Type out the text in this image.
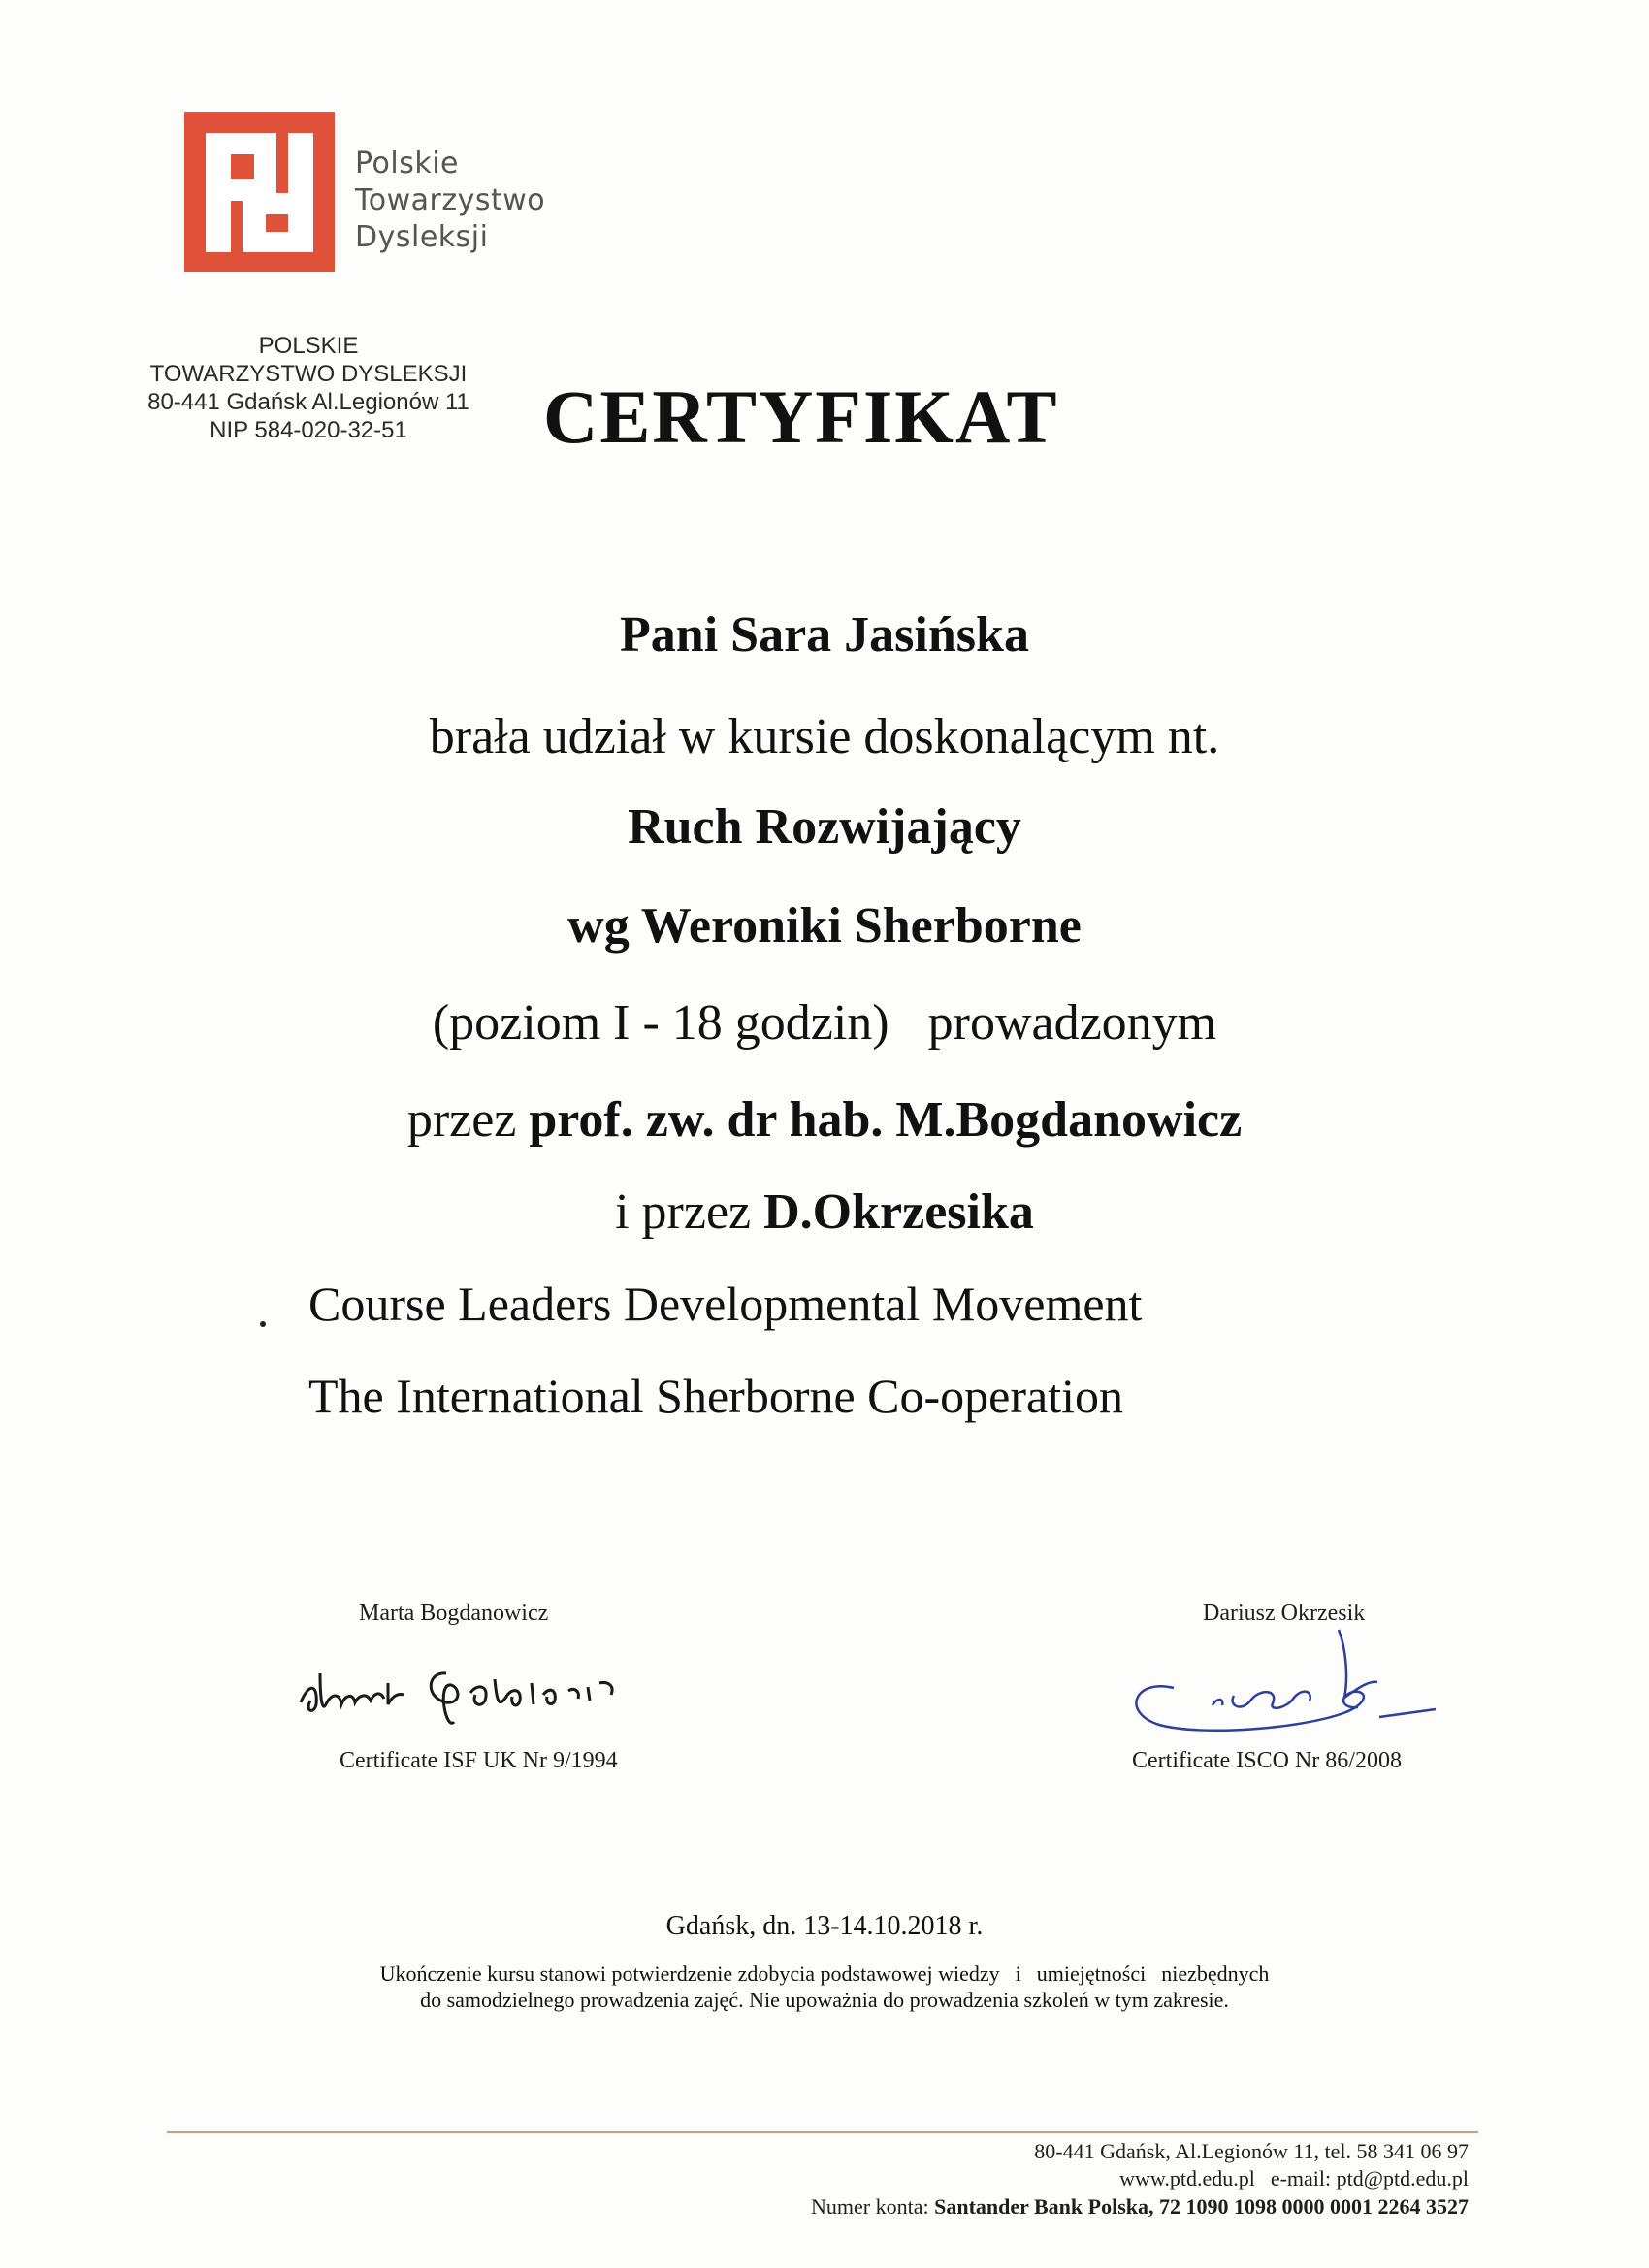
Polskie
Towarzystwo
Dysleksji
POLSKIE
TOWARZYSTWO DYSLEKSJI
80-441 Gdańsk Al.Legionów 11
NIP 584-020-32-51	CERTYFIKAT
Pani Sara Jasińska
brała udział w kursie doskonalącym nt.
Ruch Rozwijający
wg Weroniki Sherborne
(poziom I - 18 godzin) prowadzonym
przez prof. zw. dr hab. M.Bogdanowicz
i przez D.Okrzesika
Course Leaders Developmental Movement
The International Sherborne Co-operation
Marta Bogdanowicz	Dariusz Okrzesik
Certificate ISF UK Nr 9/1994	Certificate ISCO Nr 86/2008
Gdańsk, dn. 13-14.10.2018 r.
Ukończenie kursu stanowi potwierdzenie zdobycia podstawowej wiedzy i umiejętności niezbędnych
do samodzielnego prowadzenia zajęć. Nie upoważnia do prowadzenia szkoleń w tym zakresie.
80-441 Gdańsk, Al.Legionów 11, tel. 58 341 06 97
www.ptd.edu.pl e-mail: ptd@ptd.edu.pl
Numer konta: Santander Bank Polska, 72 1090 1098 0000 0001 2264 3527
